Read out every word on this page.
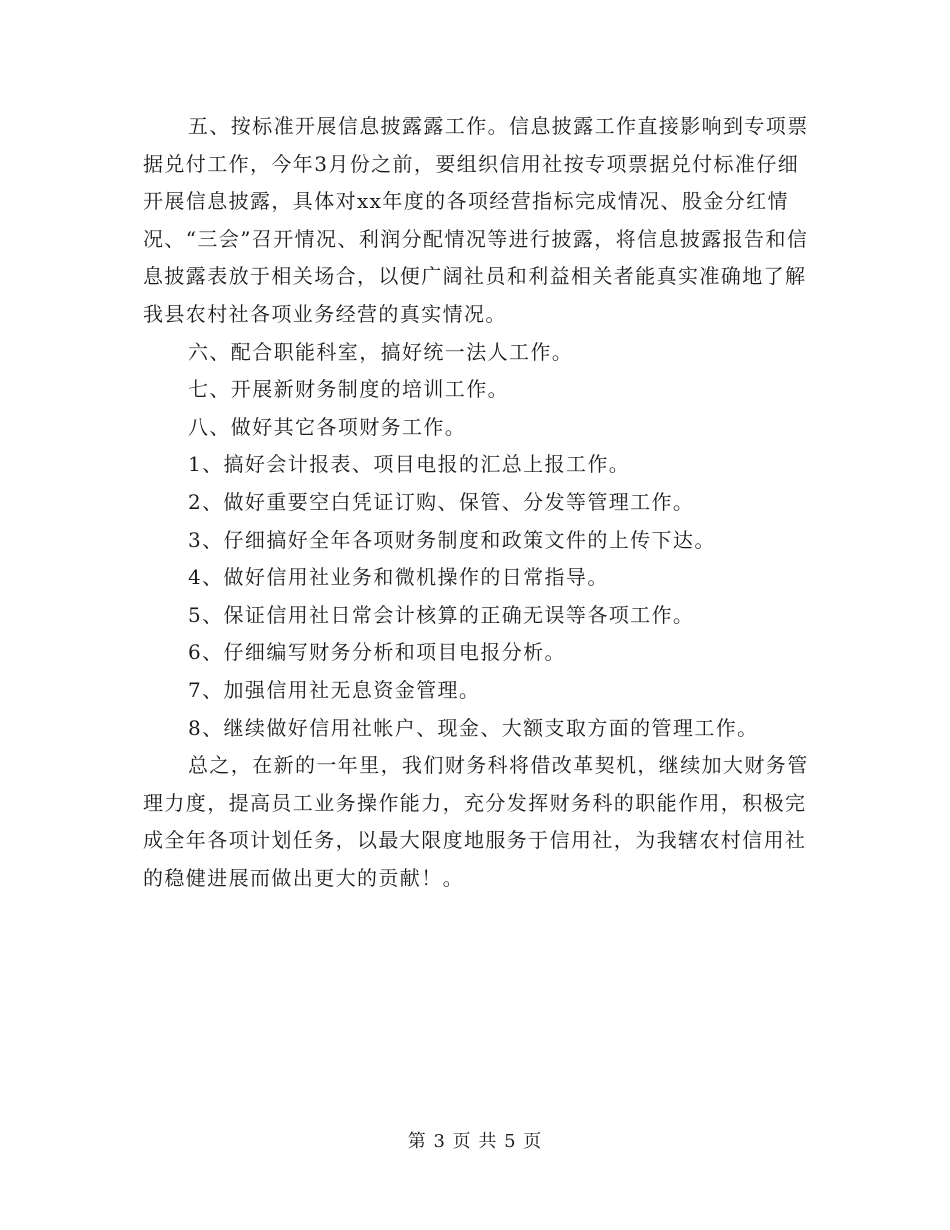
五、按标准开展信息披露露工作。信息披露工作直接影响到专项票据兑付工作，今年3月份之前，要组织信用社按专项票据兑付标准仔细开展信息披露，具体对xx年度的各项经营指标完成情况、股金分红情况、“三会”召开情况、利润分配情况等进行披露，将信息披露报告和信息披露表放于相关场合，以便广阔社员和利益相关者能真实准确地了解我县农村社各项业务经营的真实情况。

六、配合职能科室，搞好统一法人工作。

七、开展新财务制度的培训工作。

八、做好其它各项财务工作。

1、搞好会计报表、项目电报的汇总上报工作。

2、做好重要空白凭证订购、保管、分发等管理工作。

3、仔细搞好全年各项财务制度和政策文件的上传下达。

4、做好信用社业务和微机操作的日常指导。

5、保证信用社日常会计核算的正确无误等各项工作。

6、仔细编写财务分析和项目电报分析。

7、加强信用社无息资金管理。

8、继续做好信用社帐户、现金、大额支取方面的管理工作。

总之，在新的一年里，我们财务科将借改革契机，继续加大财务管理力度，提高员工业务操作能力，充分发挥财务科的职能作用，积极完成全年各项计划任务，以最大限度地服务于信用社，为我辖农村信用社的稳健进展而做出更大的贡献！。

第 3 页 共 5 页
